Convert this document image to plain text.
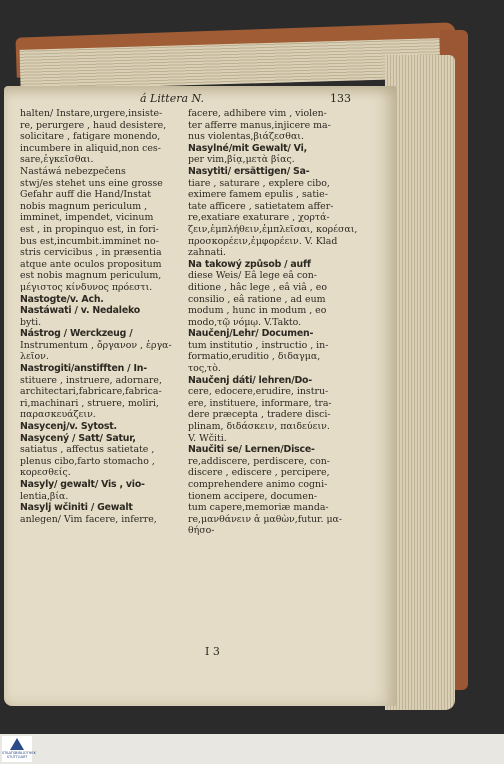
á Littera N.	133
halten/ Instare,urgere,insiste-
re, perurgere , haud desistere,
solicitare , fatigare monendo,
incumbere in aliquid,non ces-
sare,ἐγκεῖσθαι.
Nastáwá nebezpečens
stwj/es stehet uns eine grosse
Gefahr auff die Hand/Instat
nobis magnum periculum ,
imminet, impendet, vicinum
est , in propinquo est, in fori-
bus est,incumbit.imminet no-
stris cervicibus , in præsentia
atque ante oculos propositum
est nobis magnum periculum,
μέγιστος κίνδυνος πρόεστι.
Nastogte/v. Ach.
Nastáwati / v. Nedaleko
byti.
Nástrog / Werckzeug /
Instrumentum , ὄργανον , ἐργα-
λεῖον.
Nastrogiti/anstifften / In-
stituere , instruere, adornare,
architectari,fabricare,fabrica-
ri,machinari , struere, moliri,
παρασκευάζειν.
Nasycenj/v. Sytost.
Nasycený / Satt/ Satur,
satiatus , affectus satietate ,
plenus cibo,farto stomacho ,
κορεσθείς.
Nasyly/ gewalt/ Vis , vio-
lentia,βία.
Nasylj wčiniti / Gewalt
anlegen/ Vim facere, inferre,
facere, adhibere vim , violen-
ter afferre manus,injicere ma-
nus violentas,βιάζεσθαι.
Nasylné/mit Gewalt/ Vi,
per vim,βίᾳ,μετὰ βίας.
Nasytiti/ ersättigen/ Sa-
tiare , saturare , explere cibo,
eximere famem epulis , satie-
tate afficere , satietatem affer-
re,exatiare exaturare , χορτά-
ζειν,ἐμπλήθειν,ἐμπλεῖσαι, κορέσαι,
προσκορέειν,ἐμφορέειν. V. Klad
zahnati.
Na takowý způsob / auff
diese Weis/ Eâ lege eâ con-
ditione , hâc lege , eâ viâ , eo
consilio , eâ ratione , ad eum
modum , hunc in modum , eo
modo,τῷ νόμῳ. V.Takto.
Naučenj/Lehr/ Documen-
tum institutio , instructio , in-
formatio,eruditio , διδαγμα,
τος,τὸ.
Naučenj dáti/ lehren/Do-
cere, edocere,erudire, instru-
ere, instituere, informare, tra-
dere præcepta , tradere disci-
plinam, διδάσκειν, παιδεύειν.
V. Wčiti.
Naučiti se/ Lernen/Disce-
re,addiscere, perdiscere, con-
discere , ediscere , percipere,
comprehendere animo cogni-
tionem accipere, documen-
tum capere,memoriæ manda-
re,μανθάνειν ἀ μαθὼν,futur. μα-
θήσο-
I 3
STAATSBIBLIOTHEK STUTTGART
